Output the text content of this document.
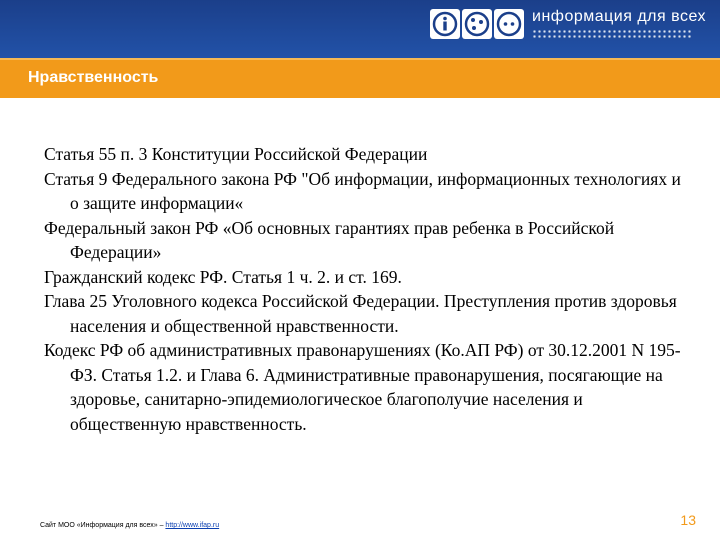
информация для всех
Нравственность

Статья 55 п. 3 Конституции Российской Федерации

Статья 9 Федерального закона РФ "Об информации, информационных технологиях и о защите информации«

Федеральный закон РФ «Об основных гарантиях прав ребенка в Российской Федерации»

Гражданский кодекс РФ. Статья 1 ч. 2. и ст. 169.

Глава 25 Уголовного кодекса Российской Федерации. Преступления против здоровья населения и общественной нравственности.

Кодекс РФ об административных правонарушениях (Ко.АП РФ) от 30.12.2001 N 195-ФЗ. Статья 1.2. и Глава 6. Административные правонарушения, посягающие на здоровье, санитарно-эпидемиологическое благополучие населения и общественную нравственность.

Сайт МОО «Информация для всех» – http://www.ifap.ru	13
